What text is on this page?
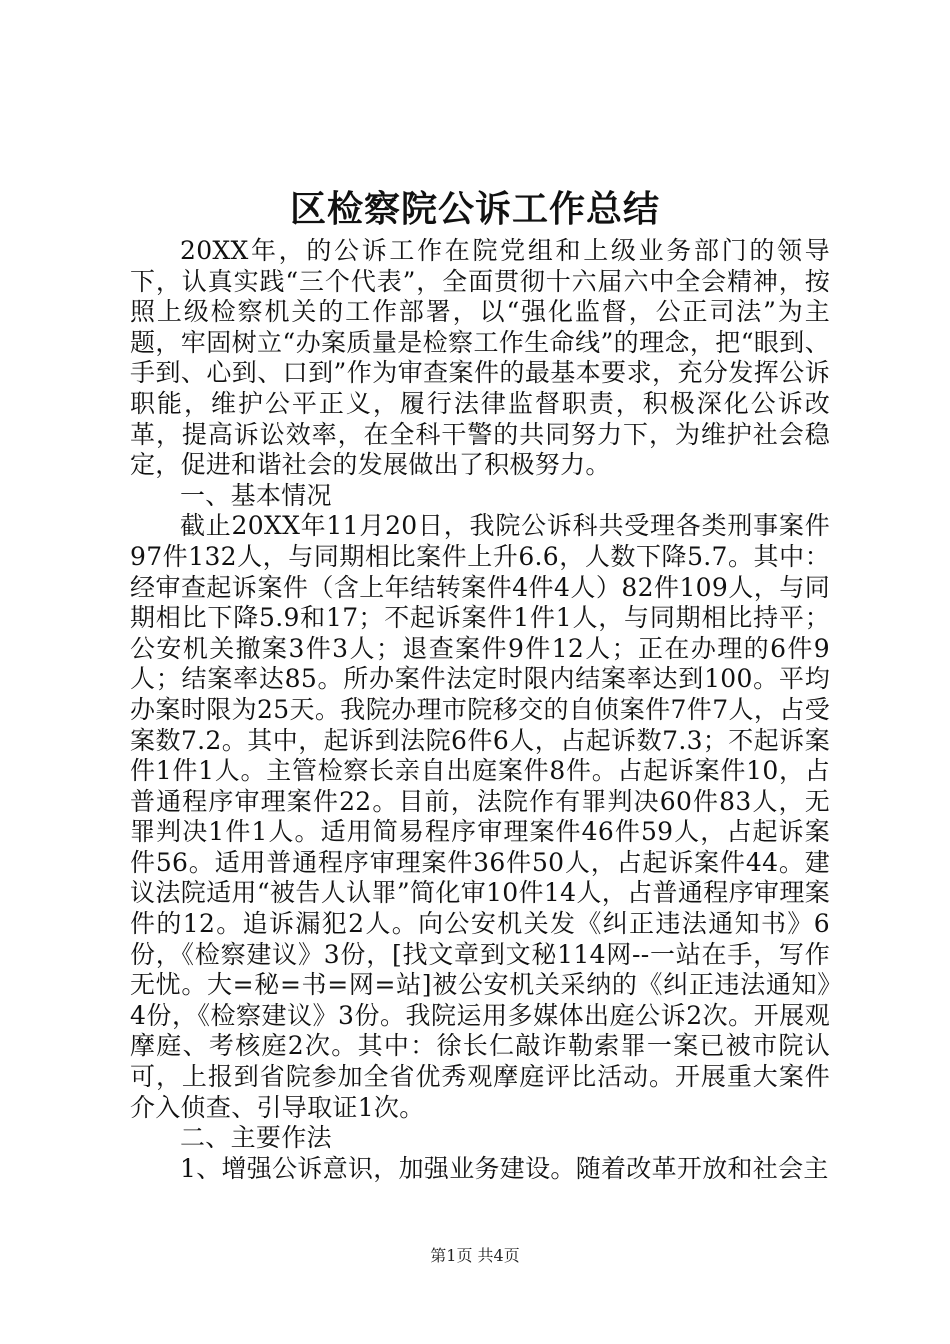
区检察院公诉工作总结

20XX年，的公诉工作在院党组和上级业务部门的领导下，认真实践“三个代表”，全面贯彻十六届六中全会精神，按照上级检察机关的工作部署，以“强化监督，公正司法”为主题，牢固树立“办案质量是检察工作生命线”的理念，把“眼到、手到、心到、口到”作为审查案件的最基本要求，充分发挥公诉职能，维护公平正义，履行法律监督职责，积极深化公诉改革，提高诉讼效率，在全科干警的共同努力下，为维护社会稳定，促进和谐社会的发展做出了积极努力。

一、基本情况

截止20XX年11月20日，我院公诉科共受理各类刑事案件97件132人，与同期相比案件上升6.6，人数下降5.7。其中：经审查起诉案件（含上年结转案件4件4人）82件109人，与同期相比下降5.9和17；不起诉案件1件1人，与同期相比持平；公安机关撤案3件3人；退查案件9件12人；正在办理的6件9人；结案率达85。所办案件法定时限内结案率达到100。平均办案时限为25天。我院办理市院移交的自侦案件7件7人，占受案数7.2。其中，起诉到法院6件6人，占起诉数7.3；不起诉案件1件1人。主管检察长亲自出庭案件8件。占起诉案件10，占普通程序审理案件22。目前，法院作有罪判决60件83人，无罪判决1件1人。适用简易程序审理案件46件59人，占起诉案件56。适用普通程序审理案件36件50人，占起诉案件44。建议法院适用“被告人认罪”简化审10件14人，占普通程序审理案件的12。追诉漏犯2人。向公安机关发《纠正违法通知书》6份，《检察建议》3份，[找文章到文秘114网--一站在手，写作无忧。大=秘=书=网=站]被公安机关采纳的《纠正违法通知》4份，《检察建议》3份。我院运用多媒体出庭公诉2次。开展观摩庭、考核庭2次。其中：徐长仁敲诈勒索罪一案已被市院认可，上报到省院参加全省优秀观摩庭评比活动。开展重大案件介入侦查、引导取证1次。

二、主要作法

1、增强公诉意识，加强业务建设。随着改革开放和社会主

第1页 共4页
